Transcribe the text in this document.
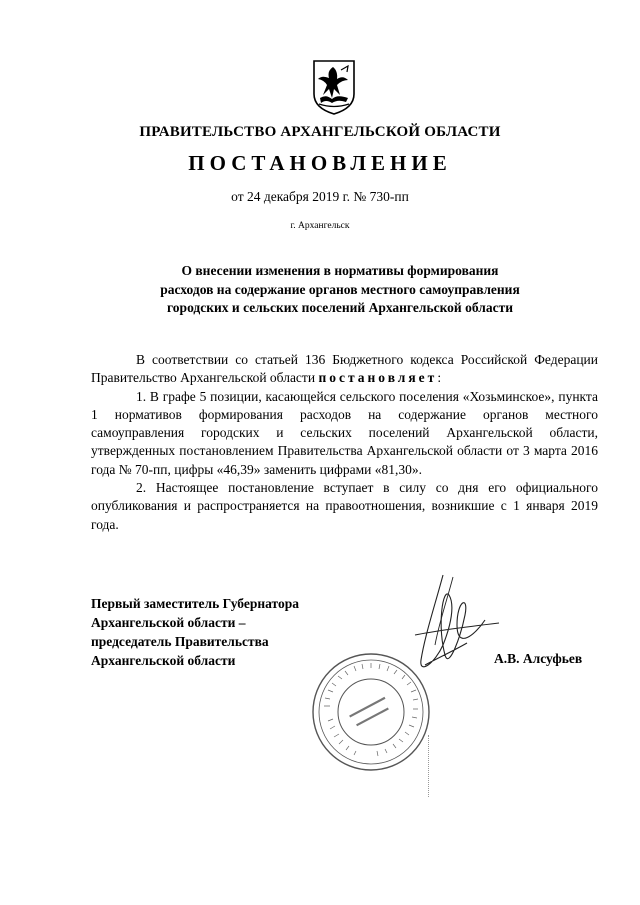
ПРАВИТЕЛЬСТВО АРХАНГЕЛЬСКОЙ ОБЛАСТИ
ПОСТАНОВЛЕНИЕ
от 24 декабря 2019 г. № 730-пп
г. Архангельск
О внесении изменения в нормативы формирования
расходов на содержание органов местного самоуправления
городских и сельских поселений Архангельской области

В соответствии со статьей 136 Бюджетного кодекса Российской Федерации Правительство Архангельской области постановляет:

1. В графе 5 позиции, касающейся сельского поселения «Хозьминское», пункта 1 нормативов формирования расходов на содержание органов местного самоуправления городских и сельских поселений Архангельской области, утвержденных постановлением Правительства Архангельской области от 3 марта 2016 года № 70-пп, цифры «46,39» заменить цифрами «81,30».

2. Настоящее постановление вступает в силу со дня его официального опубликования и распространяется на правоотношения, возникшие с 1 января 2019 года.

Первый заместитель Губернатора
Архангельской области –
председатель Правительства
Архангельской области	А.В. Алсуфьев
